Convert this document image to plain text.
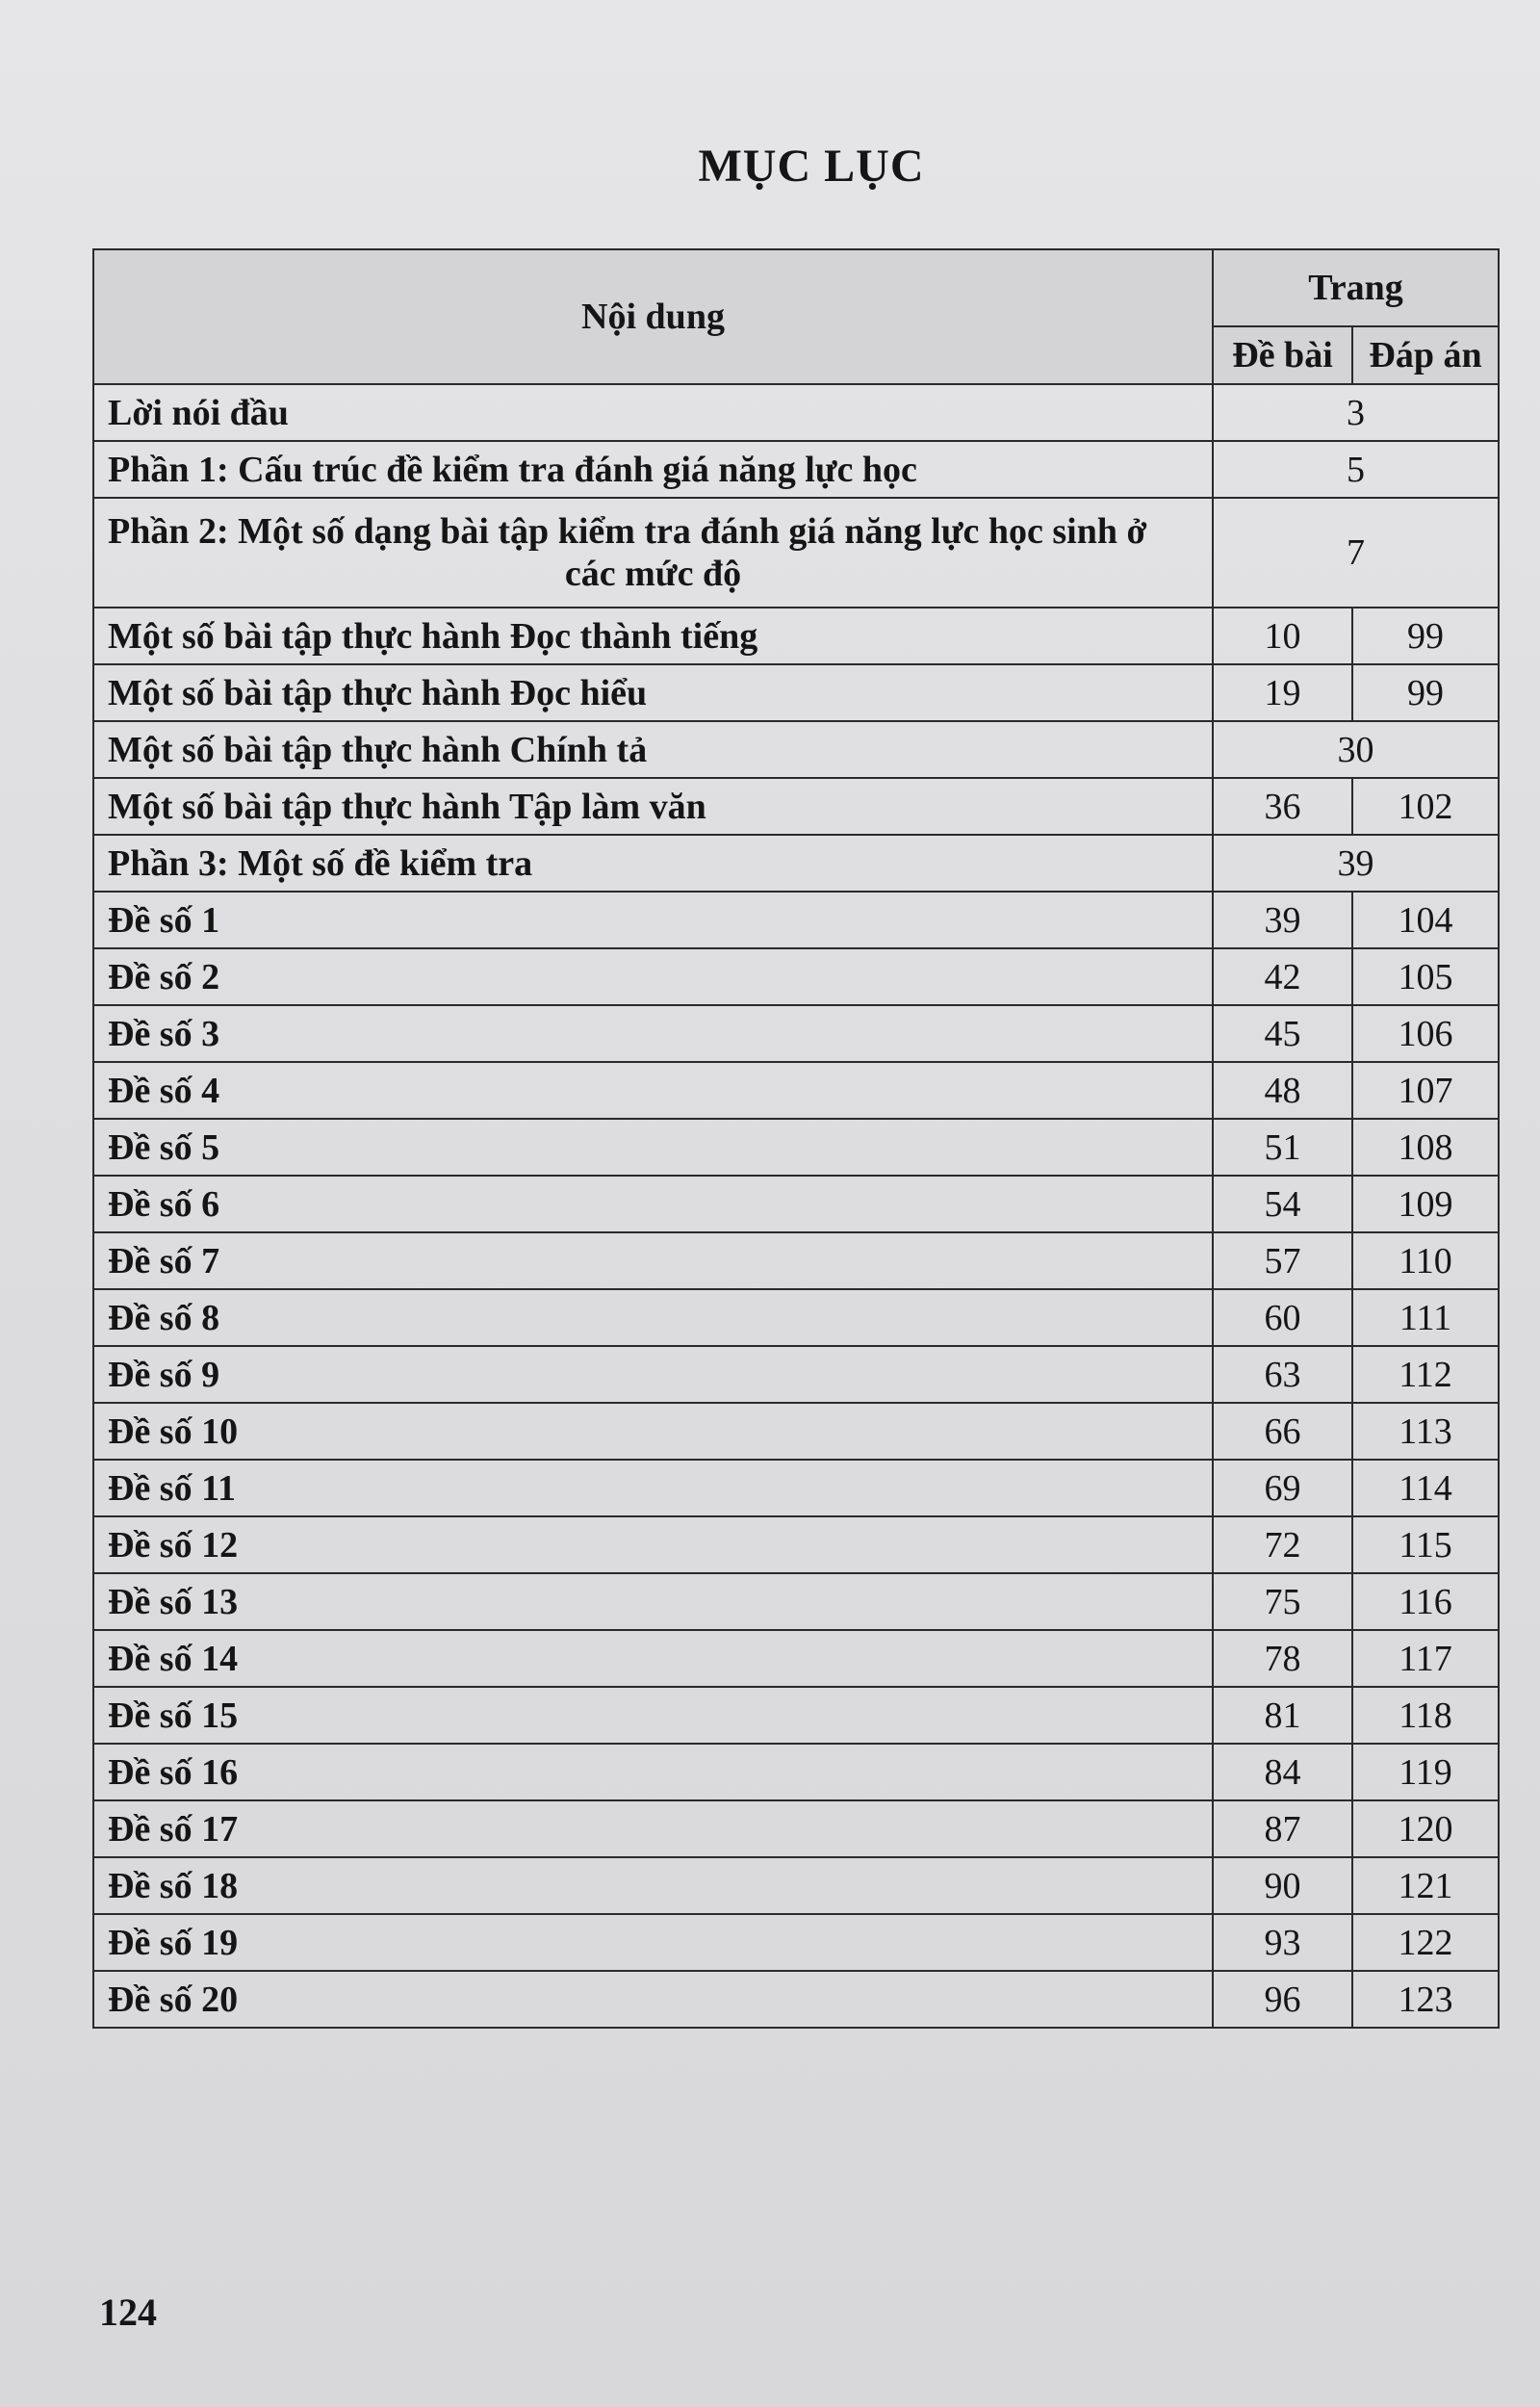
MỤC LỤC
Nội dung	Trang	
	Đề bài	Đáp án
Lời nói đầu	3	
Phần 1: Cấu trúc đề kiểm tra đánh giá năng lực học	5	
Phần 2: Một số dạng bài tập kiểm tra đánh giá năng lực học sinh ở
các mức độ	7	
Một số bài tập thực hành Đọc thành tiếng	10	99
Một số bài tập thực hành Đọc hiểu	19	99
Một số bài tập thực hành Chính tả	30	
Một số bài tập thực hành Tập làm văn	36	102
Phần 3: Một số đề kiểm tra	39	
Đề số 1	39	104
Đề số 2	42	105
Đề số 3	45	106
Đề số 4	48	107
Đề số 5	51	108
Đề số 6	54	109
Đề số 7	57	110
Đề số 8	60	111
Đề số 9	63	112
Đề số 10	66	113
Đề số 11	69	114
Đề số 12	72	115
Đề số 13	75	116
Đề số 14	78	117
Đề số 15	81	118
Đề số 16	84	119
Đề số 17	87	120
Đề số 18	90	121
Đề số 19	93	122
Đề số 20	96	123
124
